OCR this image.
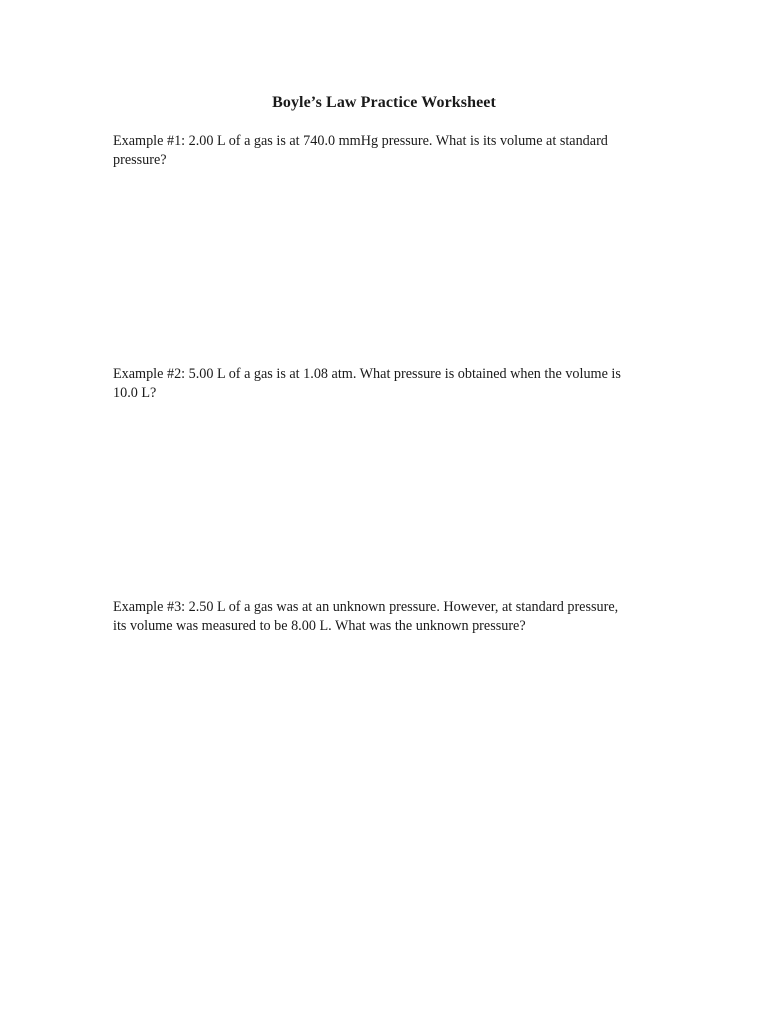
Boyle’s Law Practice Worksheet
Example #1: 2.00 L of a gas is at 740.0 mmHg pressure. What is its volume at standard
pressure?
Example #2: 5.00 L of a gas is at 1.08 atm. What pressure is obtained when the volume is
10.0 L?
Example #3: 2.50 L of a gas was at an unknown pressure. However, at standard pressure,
its volume was measured to be 8.00 L. What was the unknown pressure?
